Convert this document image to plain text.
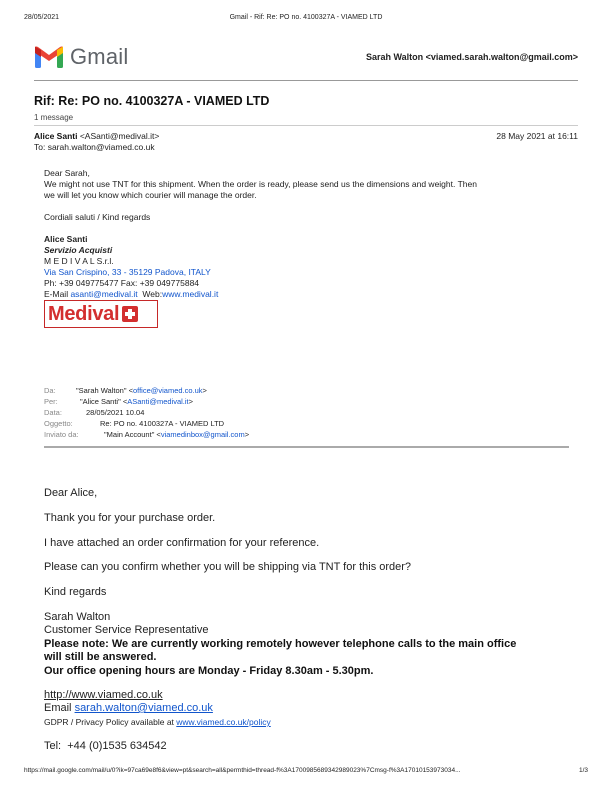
28/05/2021	Gmail - Rif: Re: PO no. 4100327A - VIAMED LTD
Gmail	Sarah Walton <viamed.sarah.walton@gmail.com>
Rif: Re: PO no. 4100327A - VIAMED LTD
1 message
Alice Santi <ASanti@medival.it>	28 May 2021 at 16:11
To: sarah.walton@viamed.co.uk
Dear Sarah,
We might not use TNT for this shipment. When the order is ready, please send us the dimensions and weight. Then
we will let you know which courier will manage the order.
Cordiali saluti / Kind regards
Alice Santi
Servizio Acquisti
M E D I V A L S.r.l.
Via San Crispino, 33 - 35129 Padova, ITALY
Ph: +39 049775477 Fax: +39 049775884
E-Mail asanti@medival.it  Web:www.medival.it
Medival
Da:	"Sarah Walton" <office@viamed.co.uk>
Per:	"Alice Santi" <ASanti@medival.it>
Data:	28/05/2021 10.04
Oggetto:	Re: PO no. 4100327A - VIAMED LTD
Inviato da:	"Main Account" <viamedinbox@gmail.com>
Dear Alice,
Thank you for your purchase order.
I have attached an order confirmation for your reference.
Please can you confirm whether you will be shipping via TNT for this order?
Kind regards
Sarah Walton
Customer Service Representative
Please note: We are currently working remotely however telephone calls to the main office
will still be answered.
Our office opening hours are Monday - Friday 8.30am - 5.30pm.
http://www.viamed.co.uk
Email sarah.walton@viamed.co.uk
GDPR / Privacy Policy available at www.viamed.co.uk/policy
Tel:  +44 (0)1535 634542
https://mail.google.com/mail/u/0?ik=97ca69e8f6&view=pt&search=all&permthid=thread-f%3A1700985689342989023%7Cmsg-f%3A17010153973034...	1/3
